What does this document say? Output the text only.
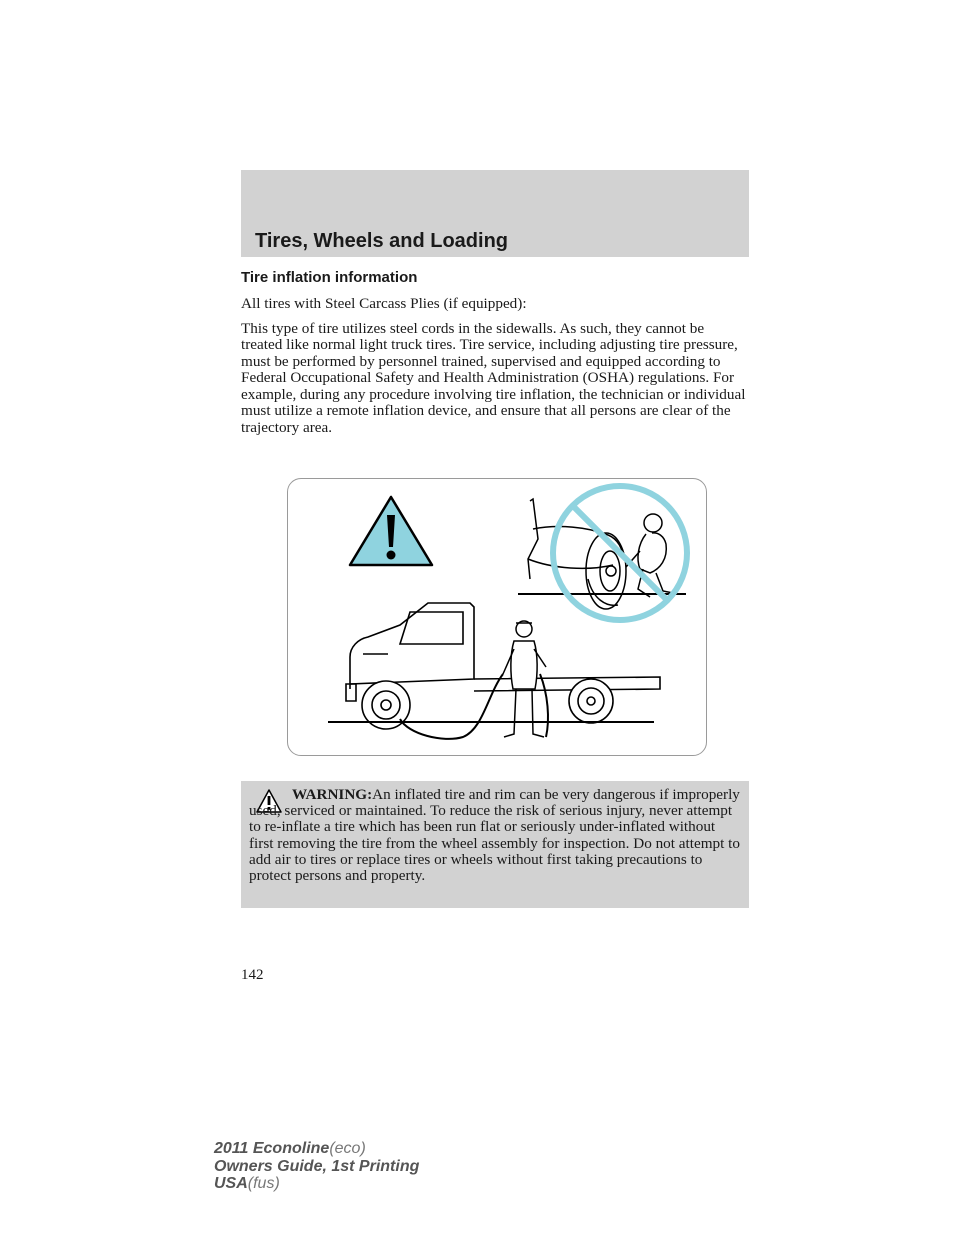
Tires, Wheels and Loading

Tire inflation information

All tires with Steel Carcass Plies (if equipped):

This type of tire utilizes steel cords in the sidewalls. As such, they cannot be treated like normal light truck tires. Tire service, including adjusting tire pressure, must be performed by personnel trained, supervised and equipped according to Federal Occupational Safety and Health Administration (OSHA) regulations. For example, during any procedure involving tire inflation, the technician or individual must utilize a remote inflation device, and ensure that all persons are clear of the trajectory area.

WARNING:An inflated tire and rim can be very dangerous if improperly used, serviced or maintained. To reduce the risk of serious injury, never attempt to re-inflate a tire which has been run flat or seriously under-inflated without first removing the tire from the wheel assembly for inspection. Do not attempt to add air to tires or replace tires or wheels without first taking precautions to protect persons and property.

142

2011 Econoline(eco)
Owners Guide, 1st Printing
USA(fus)
